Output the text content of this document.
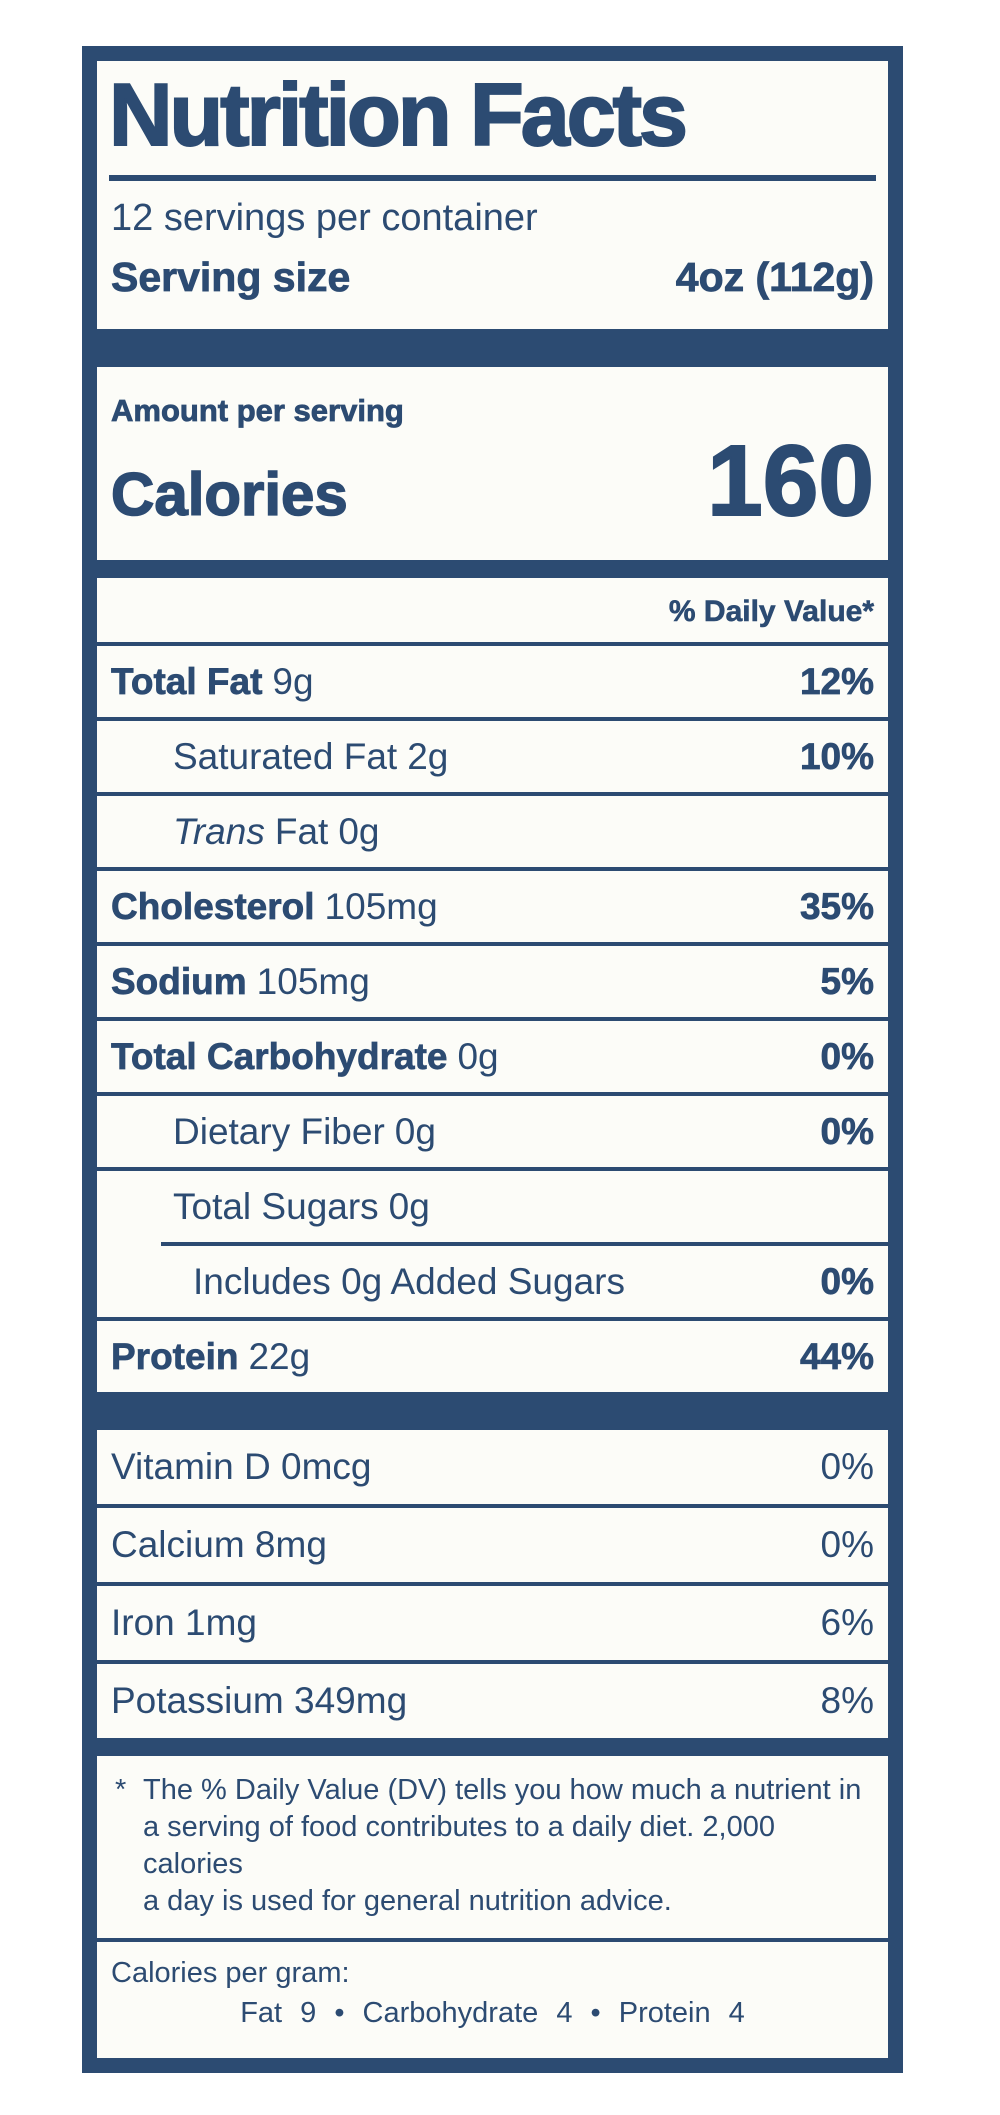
Nutrition Facts
12 servings per container
Serving size	4oz (112g)
Amount per serving
Calories	160
% Daily Value*
Total Fat 9g	12%
Saturated Fat 2g	10%
Trans Fat 0g
Cholesterol 105mg	35%
Sodium 105mg	5%
Total Carbohydrate 0g	0%
Dietary Fiber 0g	0%
Total Sugars 0g
Includes 0g Added Sugars	0%
Protein 22g	44%
Vitamin D 0mcg	0%
Calcium 8mg	0%
Iron 1mg	6%
Potassium 349mg	8%
* The % Daily Value (DV) tells you how much a nutrient in
a serving of food contributes to a daily diet. 2,000 calories
a day is used for general nutrition advice.
Calories per gram:
Fat 9 • Carbohydrate 4 • Protein 4
